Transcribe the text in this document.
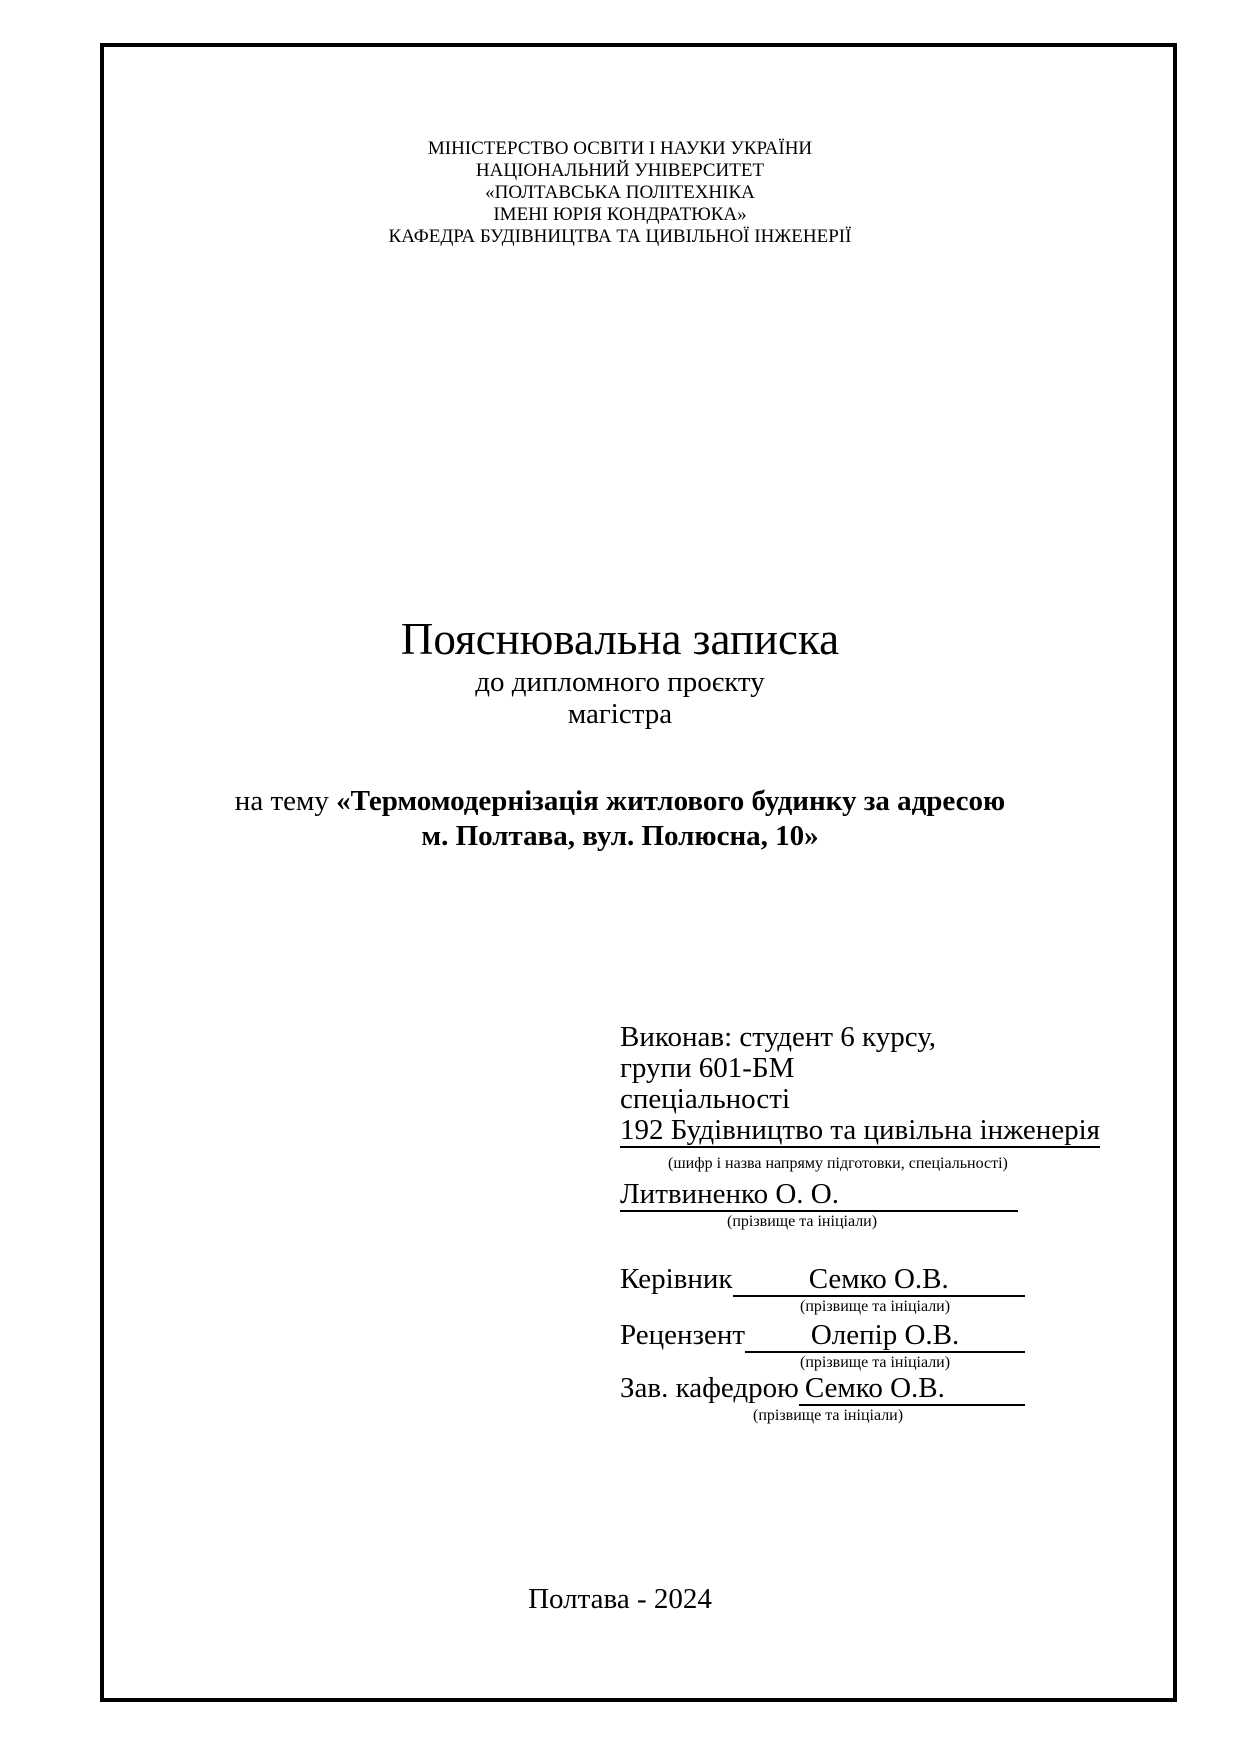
МІНІСТЕРСТВО ОСВІТИ І НАУКИ УКРАЇНИ
НАЦІОНАЛЬНИЙ УНІВЕРСИТЕТ
«ПОЛТАВСЬКА ПОЛІТЕХНІКА
ІМЕНІ ЮРІЯ КОНДРАТЮКА»
КАФЕДРА БУДІВНИЦТВА ТА ЦИВІЛЬНОЇ ІНЖЕНЕРІЇ
Пояснювальна записка
до дипломного проєкту
магістра
на тему «Термомодернізація житлового будинку за адресою
м. Полтава, вул. Полюсна, 10»
Виконав: студент 6 курсу,
групи 601-БМ
спеціальності
192 Будівництво та цивільна інженерія
(шифр і назва напряму підготовки, спеціальності)
Литвиненко О. О.
(прізвище та ініціали)
Керівник	Семко О.В.
(прізвище та ініціали)
Рецензент	Олепір О.В.
(прізвище та ініціали)
Зав. кафедрою Семко О.В.
(прізвище та ініціали)
Полтава - 2024
